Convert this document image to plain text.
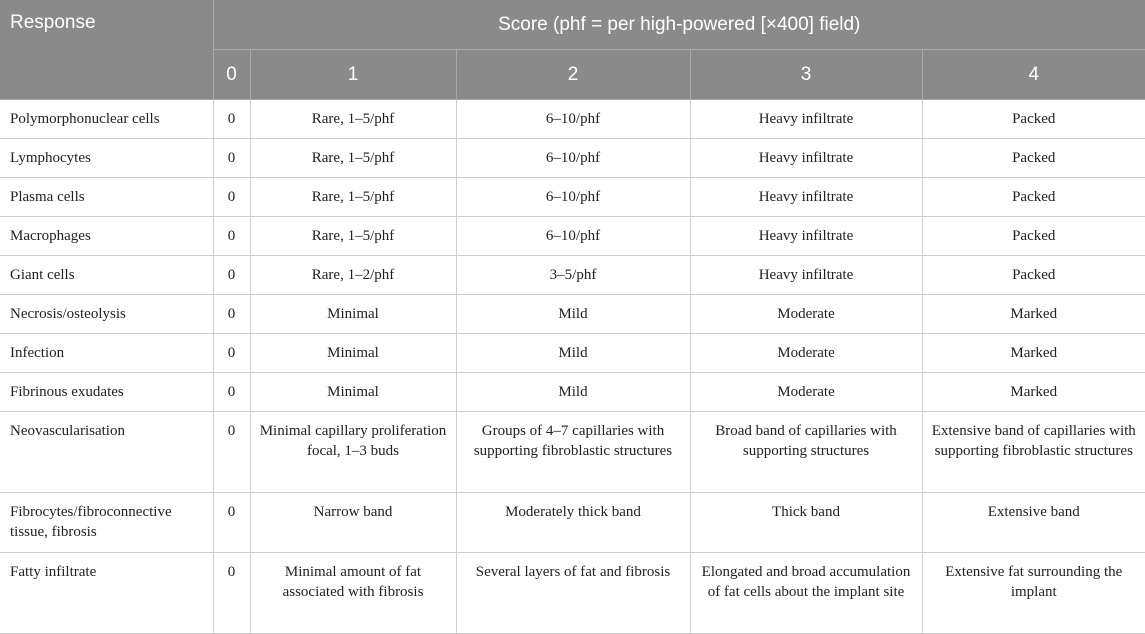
Response	Score (phf = per high-powered [×400] field)				
	0	1	2	3	4
Polymorphonuclear cells	0	Rare, 1–5/phf	6–10/phf	Heavy infiltrate	Packed
Lymphocytes	0	Rare, 1–5/phf	6–10/phf	Heavy infiltrate	Packed
Plasma cells	0	Rare, 1–5/phf	6–10/phf	Heavy infiltrate	Packed
Macrophages	0	Rare, 1–5/phf	6–10/phf	Heavy infiltrate	Packed
Giant cells	0	Rare, 1–2/phf	3–5/phf	Heavy infiltrate	Packed
Necrosis/osteolysis	0	Minimal	Mild	Moderate	Marked
Infection	0	Minimal	Mild	Moderate	Marked
Fibrinous exudates	0	Minimal	Mild	Moderate	Marked
Neovascularisation	0	Minimal capillary proliferation focal, 1–3 buds	Groups of 4–7 capillaries with supporting fibroblastic structures	Broad band of capillaries with supporting structures	Extensive band of capillaries with supporting fibroblastic structures
Fibrocytes/fibroconnective tissue, fibrosis	0	Narrow band	Moderately thick band	Thick band	Extensive band
Fatty infiltrate	0	Minimal amount of fat associated with fibrosis	Several layers of fat and fibrosis	Elongated and broad accumulation of fat cells about the implant site	Extensive fat surrounding the implant
